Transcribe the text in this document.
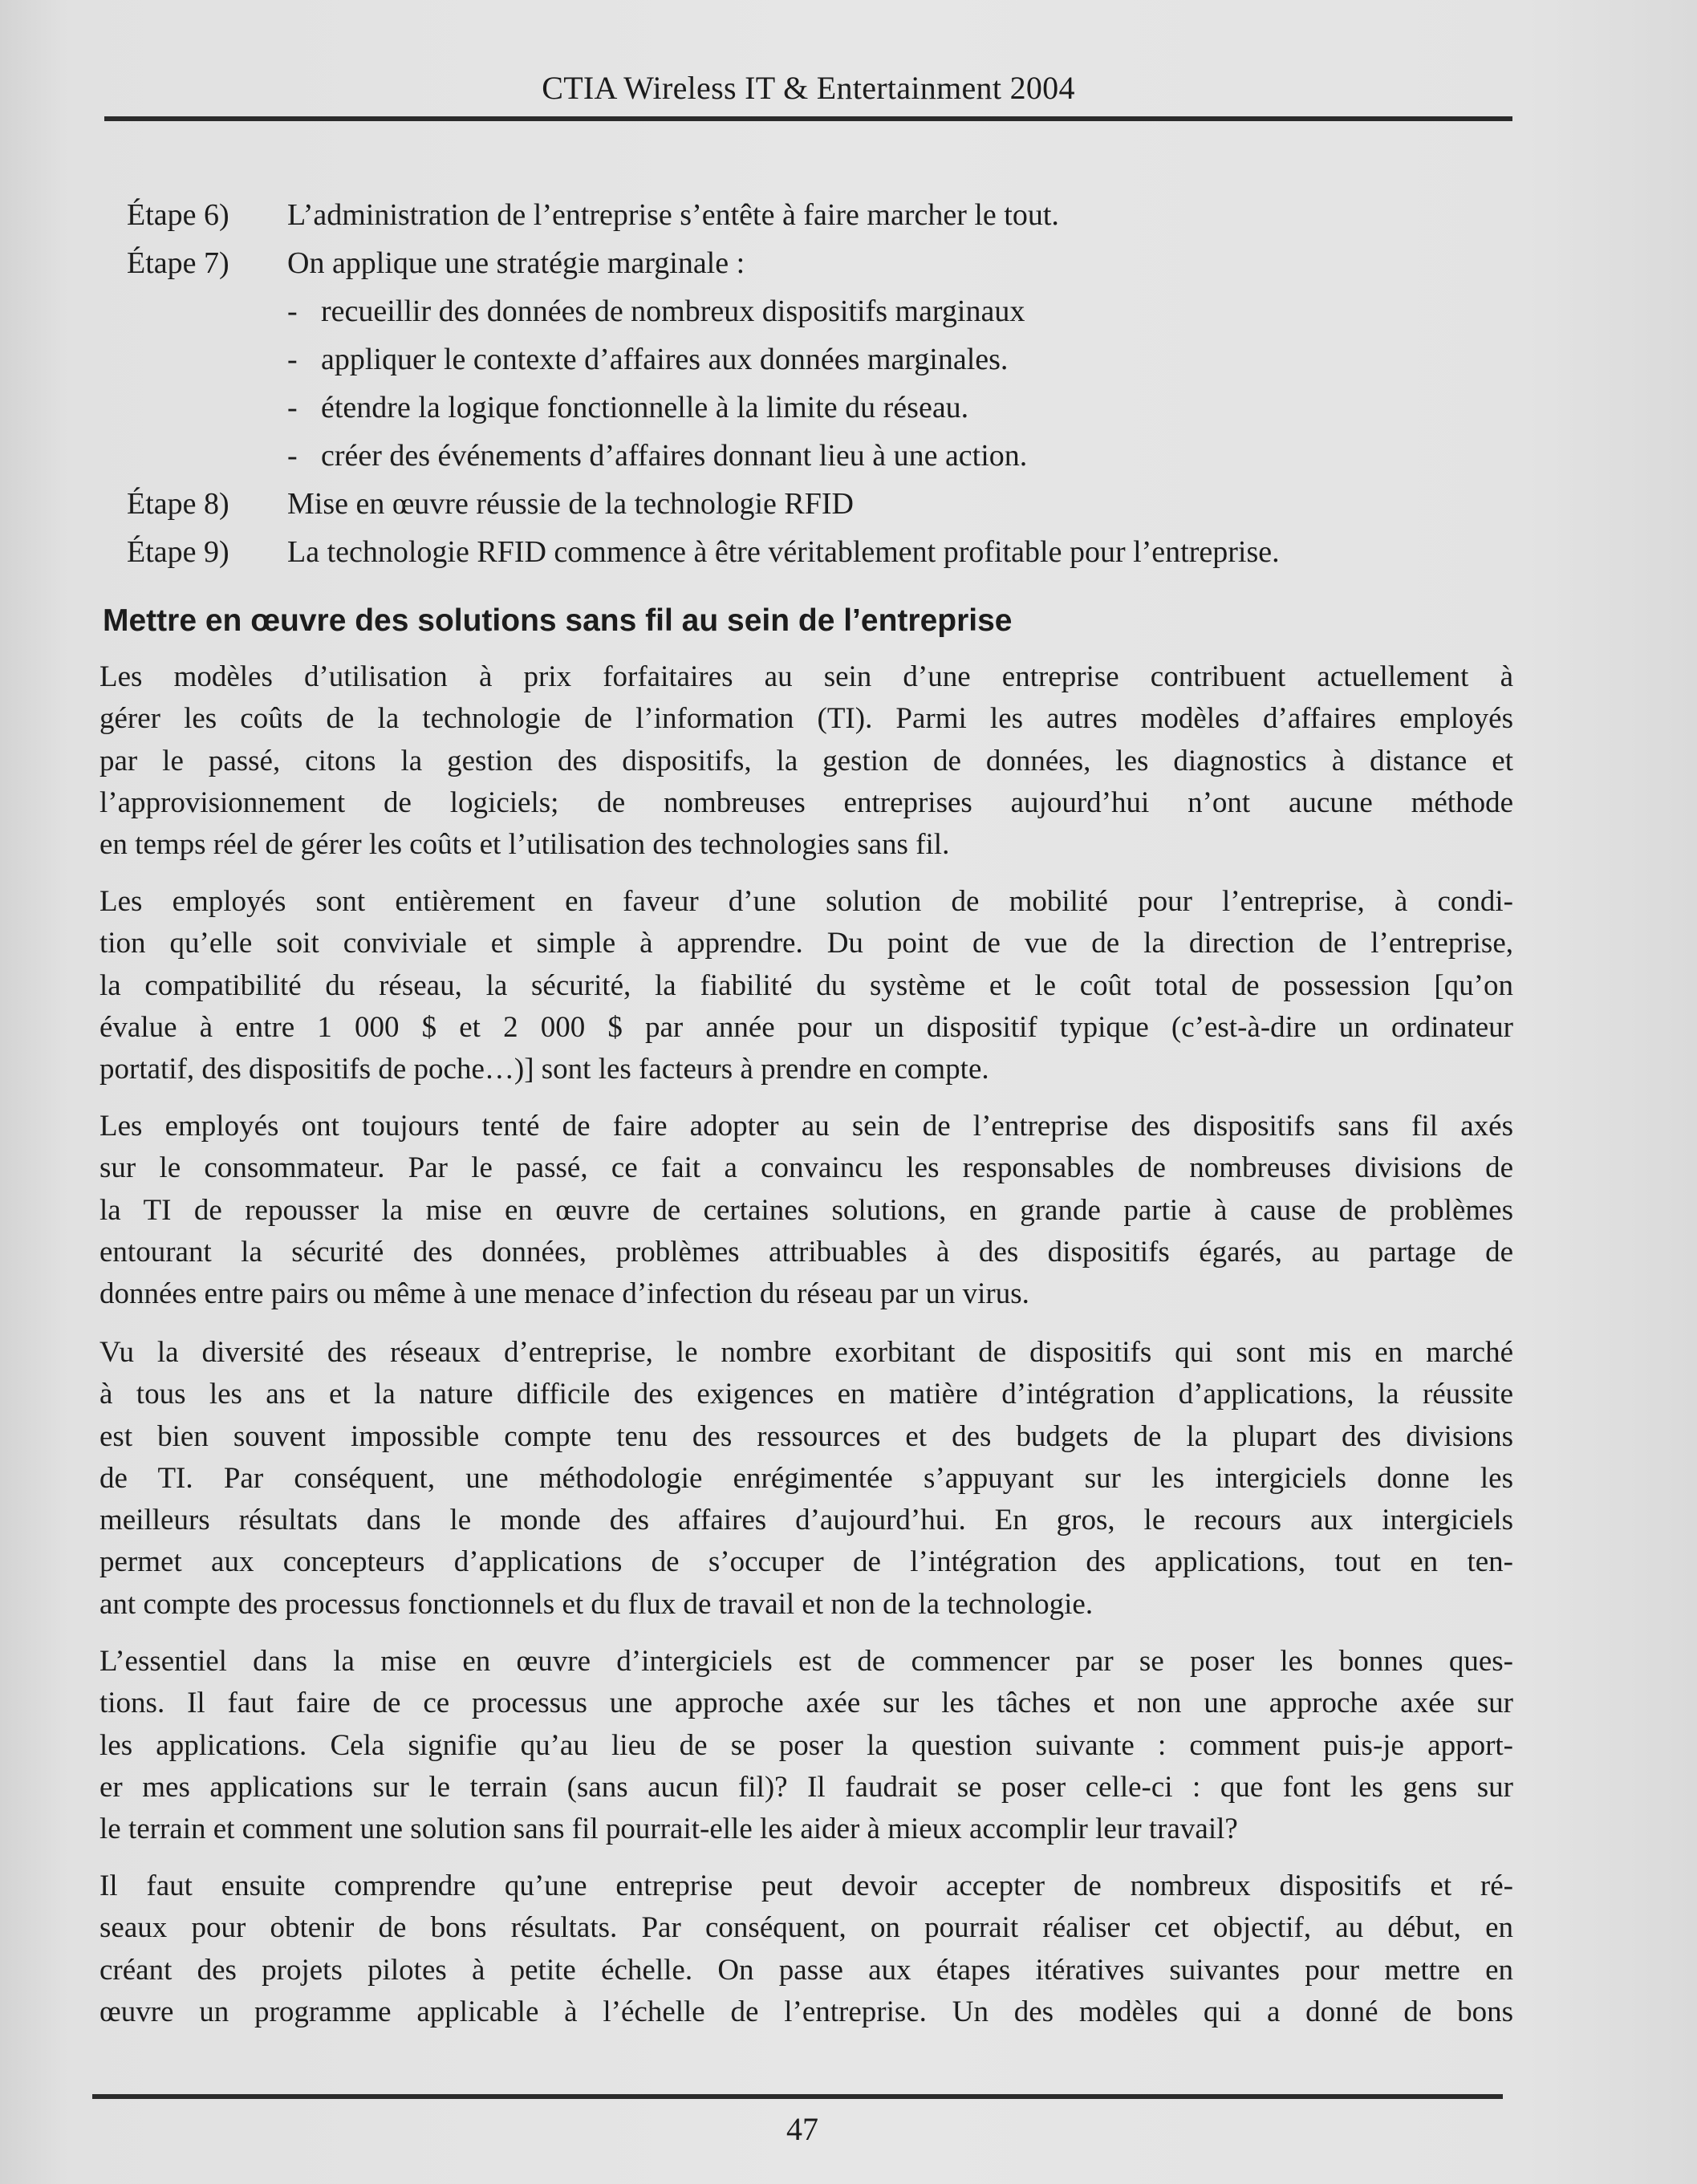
CTIA Wireless IT & Entertainment 2004
Étape 6)	L’administration de l’entreprise s’entête à faire marcher le tout.
Étape 7)	On applique une stratégie marginale :
- recueillir des données de nombreux dispositifs marginaux
- appliquer le contexte d’affaires aux données marginales.
- étendre la logique fonctionnelle à la limite du réseau.
- créer des événements d’affaires donnant lieu à une action.
Étape 8)	Mise en œuvre réussie de la technologie RFID
Étape 9)	La technologie RFID commence à être véritablement profitable pour l’entreprise.
Mettre en œuvre des solutions sans fil au sein de l’entreprise

Les modèles d’utilisation à prix forfaitaires au sein d’une entreprise contribuent actuellement à
gérer les coûts de la technologie de l’information (TI). Parmi les autres modèles d’affaires employés
par le passé, citons la gestion des dispositifs, la gestion de données, les diagnostics à distance et
l’approvisionnement de logiciels; de nombreuses entreprises aujourd’hui n’ont aucune méthode
en temps réel de gérer les coûts et l’utilisation des technologies sans fil.

Les employés sont entièrement en faveur d’une solution de mobilité pour l’entreprise, à condi-
tion qu’elle soit conviviale et simple à apprendre. Du point de vue de la direction de l’entreprise,
la compatibilité du réseau, la sécurité, la fiabilité du système et le coût total de possession [qu’on
évalue à entre 1 000 $ et 2 000 $ par année pour un dispositif typique (c’est-à-dire un ordinateur
portatif, des dispositifs de poche…)] sont les facteurs à prendre en compte.

Les employés ont toujours tenté de faire adopter au sein de l’entreprise des dispositifs sans fil axés
sur le consommateur. Par le passé, ce fait a convaincu les responsables de nombreuses divisions de
la TI de repousser la mise en œuvre de certaines solutions, en grande partie à cause de problèmes
entourant la sécurité des données, problèmes attribuables à des dispositifs égarés, au partage de
données entre pairs ou même à une menace d’infection du réseau par un virus.

Vu la diversité des réseaux d’entreprise, le nombre exorbitant de dispositifs qui sont mis en marché
à tous les ans et la nature difficile des exigences en matière d’intégration d’applications, la réussite
est bien souvent impossible compte tenu des ressources et des budgets de la plupart des divisions
de TI. Par conséquent, une méthodologie enrégimentée s’appuyant sur les intergiciels donne les
meilleurs résultats dans le monde des affaires d’aujourd’hui. En gros, le recours aux intergiciels
permet aux concepteurs d’applications de s’occuper de l’intégration des applications, tout en ten-
ant compte des processus fonctionnels et du flux de travail et non de la technologie.

L’essentiel dans la mise en œuvre d’intergiciels est de commencer par se poser les bonnes ques-
tions. Il faut faire de ce processus une approche axée sur les tâches et non une approche axée sur
les applications. Cela signifie qu’au lieu de se poser la question suivante : comment puis-je apport-
er mes applications sur le terrain (sans aucun fil)? Il faudrait se poser celle-ci : que font les gens sur
le terrain et comment une solution sans fil pourrait-elle les aider à mieux accomplir leur travail?

Il faut ensuite comprendre qu’une entreprise peut devoir accepter de nombreux dispositifs et ré-
seaux pour obtenir de bons résultats. Par conséquent, on pourrait réaliser cet objectif, au début, en
créant des projets pilotes à petite échelle. On passe aux étapes itératives suivantes pour mettre en
œuvre un programme applicable à l’échelle de l’entreprise. Un des modèles qui a donné de bons

47
